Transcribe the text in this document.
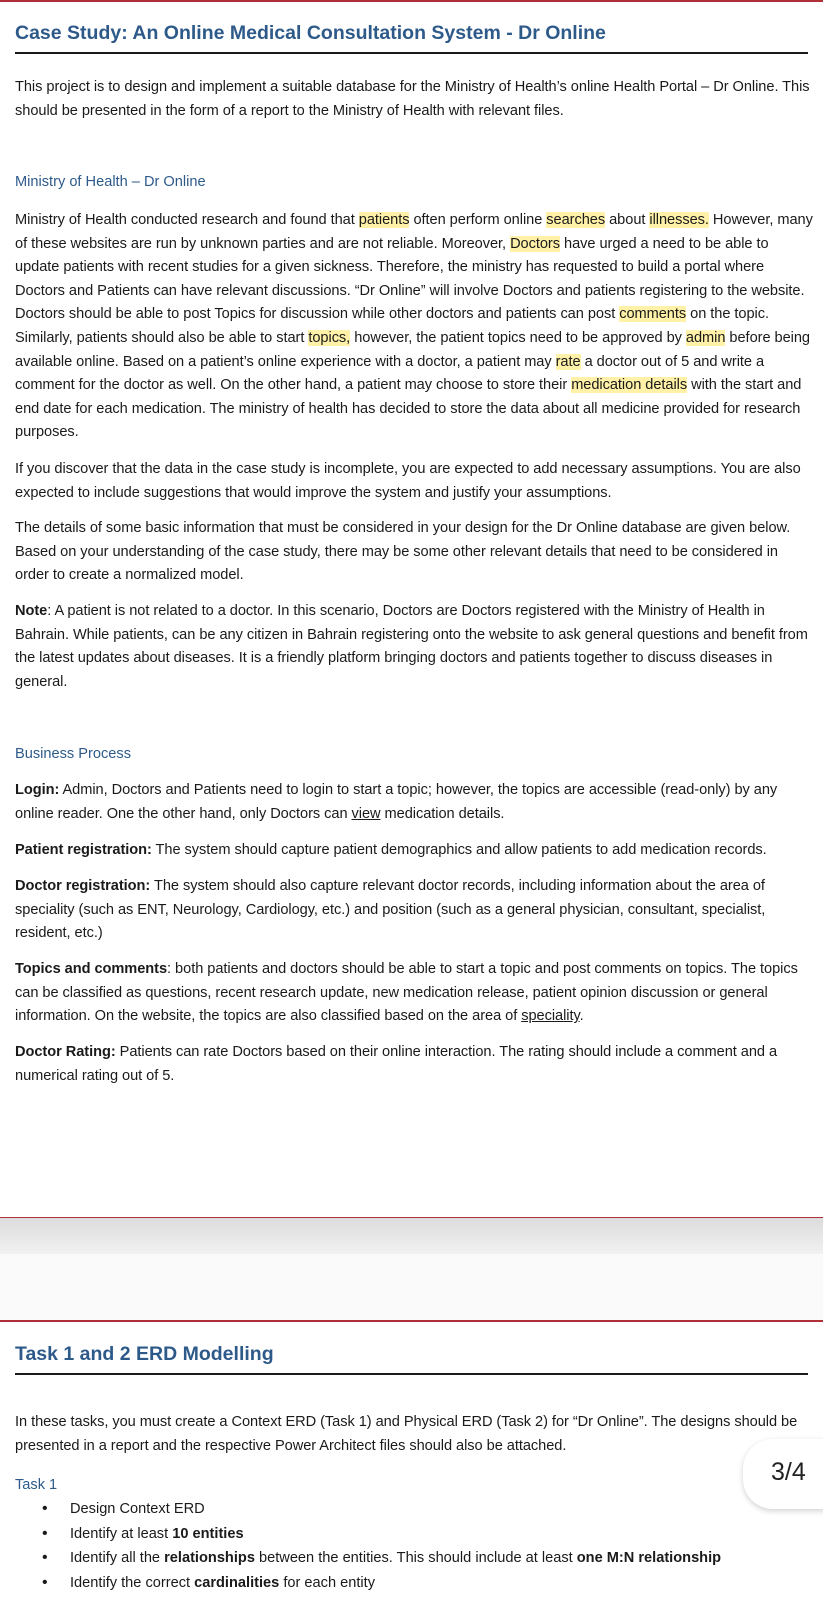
Case Study: An Online Medical Consultation System - Dr Online

This project is to design and implement a suitable database for the Ministry of Health’s online Health Portal – Dr Online. This should be presented in the form of a report to the Ministry of Health with relevant files.

Ministry of Health – Dr Online

Ministry of Health conducted research and found that patients often perform online searches about illnesses. However, many of these websites are run by unknown parties and are not reliable. Moreover, Doctors have urged a need to be able to update patients with recent studies for a given sickness. Therefore, the ministry has requested to build a portal where Doctors and Patients can have relevant discussions. “Dr Online” will involve Doctors and patients registering to the website. Doctors should be able to post Topics for discussion while other doctors and patients can post comments on the topic. Similarly, patients should also be able to start topics, however, the patient topics need to be approved by admin before being available online. Based on a patient’s online experience with a doctor, a patient may rate a doctor out of 5 and write a comment for the doctor as well. On the other hand, a patient may choose to store their medication details with the start and end date for each medication. The ministry of health has decided to store the data about all medicine provided for research purposes.

If you discover that the data in the case study is incomplete, you are expected to add necessary assumptions. You are also expected to include suggestions that would improve the system and justify your assumptions.

The details of some basic information that must be considered in your design for the Dr Online database are given below. Based on your understanding of the case study, there may be some other relevant details that need to be considered in order to create a normalized model.

Note: A patient is not related to a doctor. In this scenario, Doctors are Doctors registered with the Ministry of Health in Bahrain. While patients, can be any citizen in Bahrain registering onto the website to ask general questions and benefit from the latest updates about diseases. It is a friendly platform bringing doctors and patients together to discuss diseases in general.

Business Process

Login: Admin, Doctors and Patients need to login to start a topic; however, the topics are accessible (read-only) by any online reader. One the other hand, only Doctors can view medication details.

Patient registration: The system should capture patient demographics and allow patients to add medication records.

Doctor registration: The system should also capture relevant doctor records, including information about the area of speciality (such as ENT, Neurology, Cardiology, etc.) and position (such as a general physician, consultant, specialist, resident, etc.)

Topics and comments: both patients and doctors should be able to start a topic and post comments on topics. The topics can be classified as questions, recent research update, new medication release, patient opinion discussion or general information. On the website, the topics are also classified based on the area of speciality.

Doctor Rating: Patients can rate Doctors based on their online interaction. The rating should include a comment and a numerical rating out of 5.

Task 1 and 2 ERD Modelling

In these tasks, you must create a Context ERD (Task 1) and Physical ERD (Task 2) for “Dr Online”. The designs should be presented in a report and the respective Power Architect files should also be attached.

Task 1
• Design Context ERD
• Identify at least 10 entities
• Identify all the relationships between the entities. This should include at least one M:N relationship
• Identify the correct cardinalities for each entity
3/4
